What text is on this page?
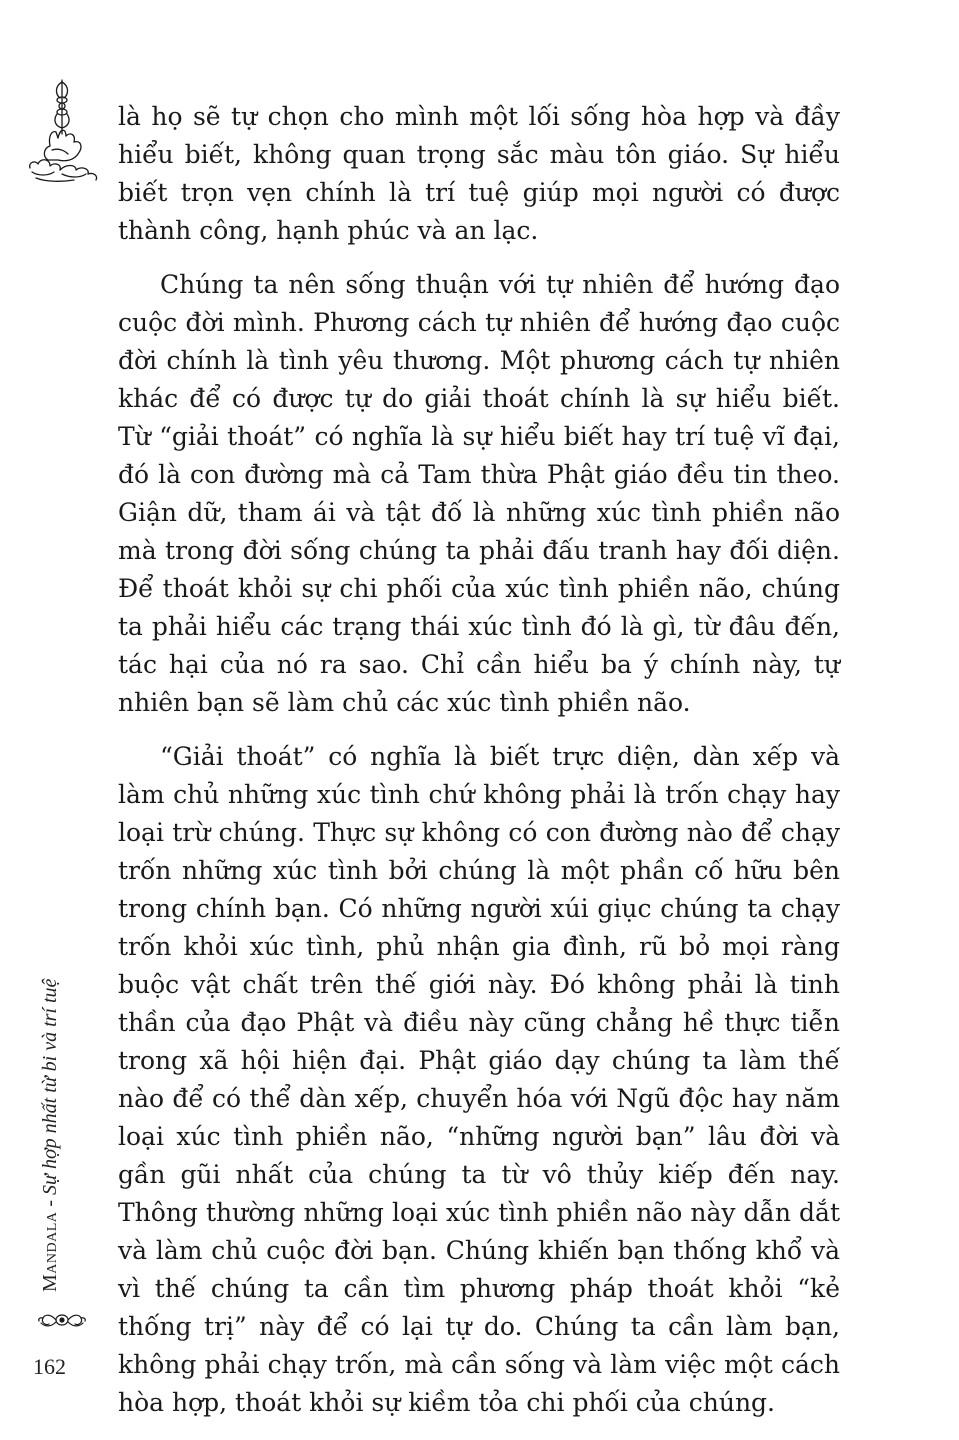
là họ sẽ tự chọn cho mình một lối sống hòa hợp và đầy hiểu biết, không quan trọng sắc màu tôn giáo. Sự hiểu biết trọn vẹn chính là trí tuệ giúp mọi người có được thành công, hạnh phúc và an lạc.

Chúng ta nên sống thuận với tự nhiên để hướng đạo cuộc đời mình. Phương cách tự nhiên để hướng đạo cuộc đời chính là tình yêu thương. Một phương cách tự nhiên khác để có được tự do giải thoát chính là sự hiểu biết. Từ “giải thoát” có nghĩa là sự hiểu biết hay trí tuệ vĩ đại, đó là con đường mà cả Tam thừa Phật giáo đều tin theo. Giận dữ, tham ái và tật đố là những xúc tình phiền não mà trong đời sống chúng ta phải đấu tranh hay đối diện. Để thoát khỏi sự chi phối của xúc tình phiền não, chúng ta phải hiểu các trạng thái xúc tình đó là gì, từ đâu đến, tác hại của nó ra sao. Chỉ cần hiểu ba ý chính này, tự nhiên bạn sẽ làm chủ các xúc tình phiền não.

“Giải thoát” có nghĩa là biết trực diện, dàn xếp và làm chủ những xúc tình chứ không phải là trốn chạy hay loại trừ chúng. Thực sự không có con đường nào để chạy trốn những xúc tình bởi chúng là một phần cố hữu bên trong chính bạn. Có những người xúi giục chúng ta chạy trốn khỏi xúc tình, phủ nhận gia đình, rũ bỏ mọi ràng buộc vật chất trên thế giới này. Đó không phải là tinh thần của đạo Phật và điều này cũng chẳng hề thực tiễn trong xã hội hiện đại. Phật giáo dạy chúng ta làm thế nào để có thể dàn xếp, chuyển hóa với Ngũ độc hay năm loại xúc tình phiền não, “những người bạn” lâu đời và gần gũi nhất của chúng ta từ vô thủy kiếp đến nay. Thông thường những loại xúc tình phiền não này dẫn dắt và làm chủ cuộc đời bạn. Chúng khiến bạn thống khổ và vì thế chúng ta cần tìm phương pháp thoát khỏi “kẻ thống trị” này để có lại tự do. Chúng ta cần làm bạn, không phải chạy trốn, mà cần sống và làm việc một cách hòa hợp, thoát khỏi sự kiềm tỏa chi phối của chúng.

Mandala - Sự hợp nhất từ bi và trí tuệ
162
